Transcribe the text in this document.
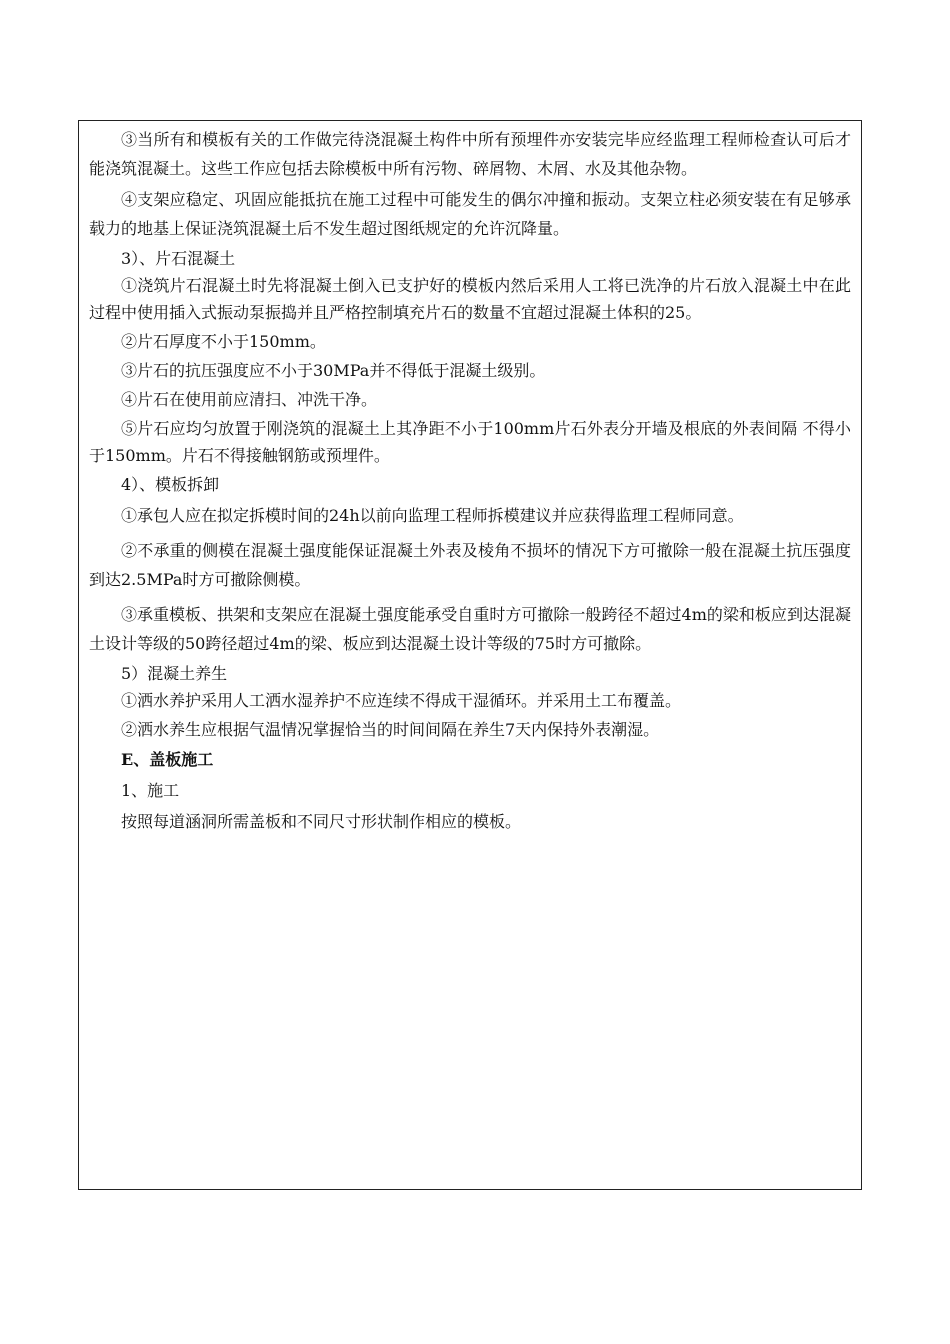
③当所有和模板有关的工作做完待浇混凝土构件中所有预埋件亦安装完毕应经监理工程师检查认可后才能浇筑混凝土。这些工作应包括去除模板中所有污物、碎屑物、木屑、水及其他杂物。

④支架应稳定、巩固应能抵抗在施工过程中可能发生的偶尔冲撞和振动。支架立柱必须安装在有足够承载力的地基上保证浇筑混凝土后不发生超过图纸规定的允许沉降量。

3）、片石混凝土

①浇筑片石混凝土时先将混凝土倒入已支护好的模板内然后采用人工将已洗净的片石放入混凝土中在此过程中使用插入式振动泵振捣并且严格控制填充片石的数量不宜超过混凝土体积的25。

②片石厚度不小于150mm。

③片石的抗压强度应不小于30MPa并不得低于混凝土级别。

④片石在使用前应清扫、冲洗干净。

⑤片石应均匀放置于刚浇筑的混凝土上其净距不小于100mm片石外表分开墙及根底的外表间隔 不得小于150mm。片石不得接触钢筋或预埋件。

4）、模板拆卸

①承包人应在拟定拆模时间的24h以前向监理工程师拆模建议并应获得监理工程师同意。

②不承重的侧模在混凝土强度能保证混凝土外表及棱角不损坏的情况下方可撤除一般在混凝土抗压强度到达2.5MPa时方可撤除侧模。

③承重模板、拱架和支架应在混凝土强度能承受自重时方可撤除一般跨径不超过4m的梁和板应到达混凝土设计等级的50跨径超过4m的梁、板应到达混凝土设计等级的75时方可撤除。

5）混凝土养生

①洒水养护采用人工洒水湿养护不应连续不得成干湿循环。并采用土工布覆盖。

②洒水养生应根据气温情况掌握恰当的时间间隔在养生7天内保持外表潮湿。

E、盖板施工

1、施工

按照每道涵洞所需盖板和不同尺寸形状制作相应的模板。
